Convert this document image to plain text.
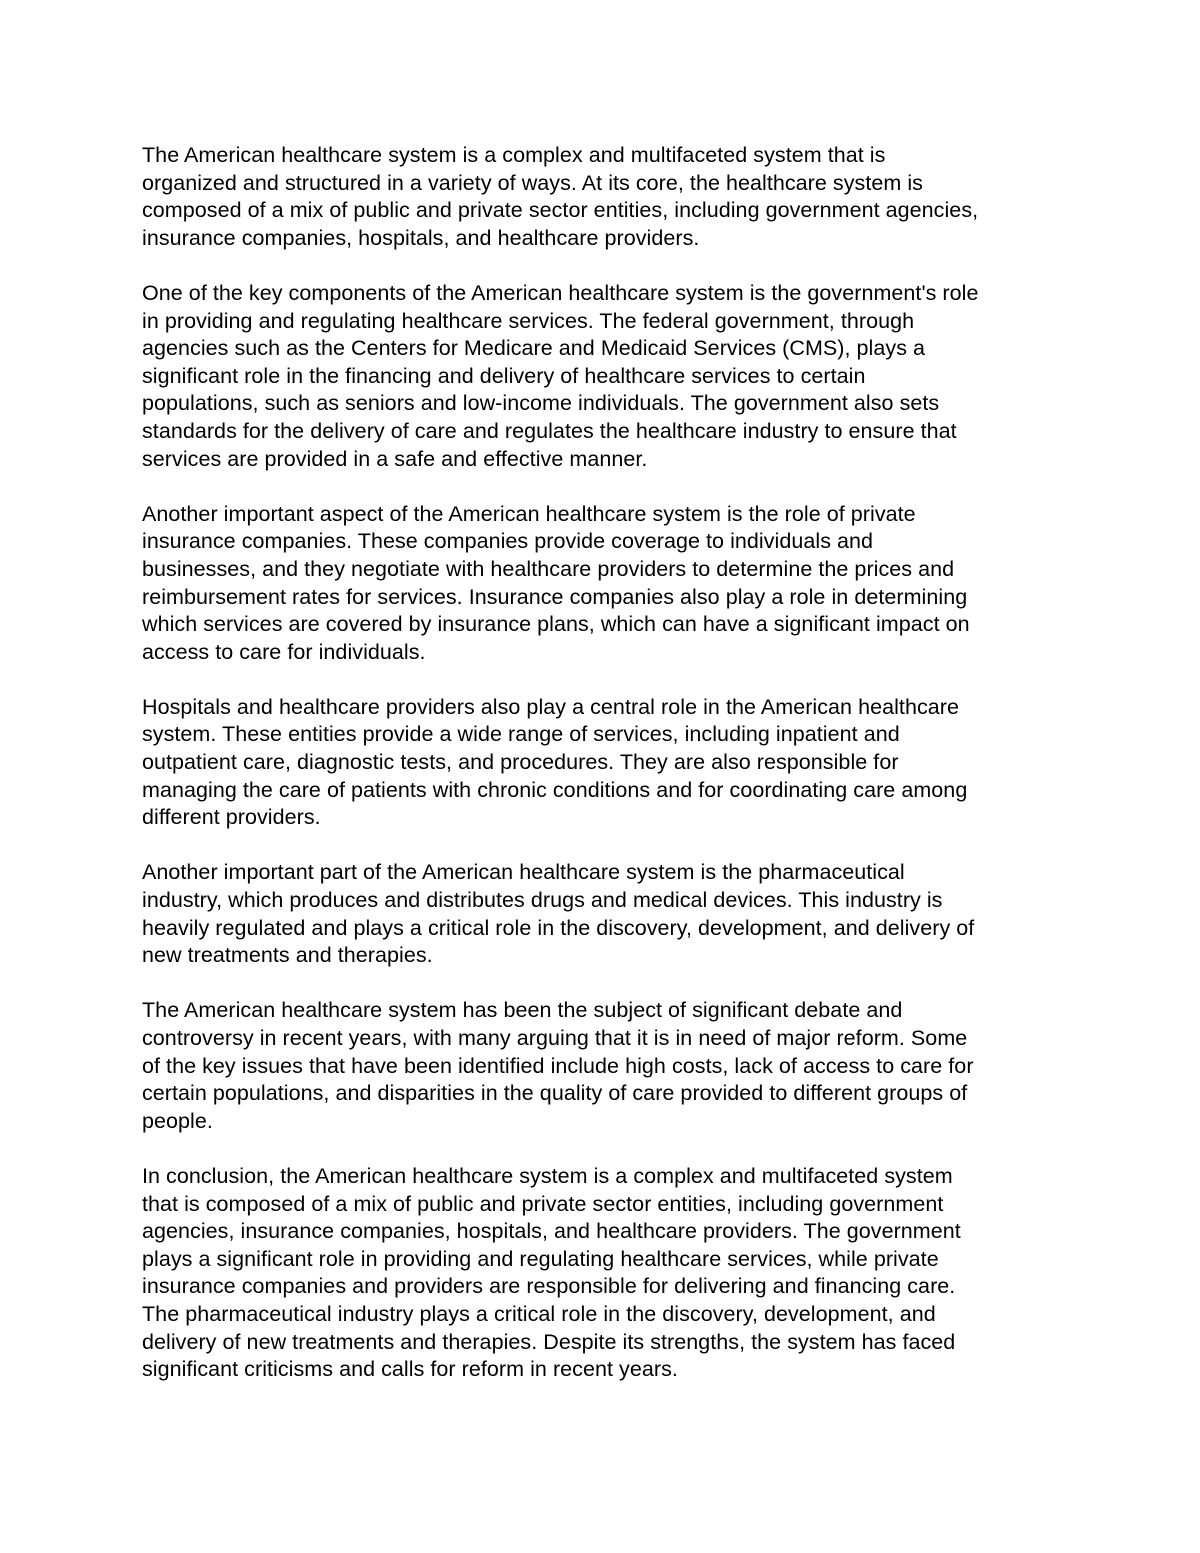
The American healthcare system is a complex and multifaceted system that is
organized and structured in a variety of ways. At its core, the healthcare system is
composed of a mix of public and private sector entities, including government agencies,
insurance companies, hospitals, and healthcare providers.
One of the key components of the American healthcare system is the government's role
in providing and regulating healthcare services. The federal government, through
agencies such as the Centers for Medicare and Medicaid Services (CMS), plays a
significant role in the financing and delivery of healthcare services to certain
populations, such as seniors and low-income individuals. The government also sets
standards for the delivery of care and regulates the healthcare industry to ensure that
services are provided in a safe and effective manner.
Another important aspect of the American healthcare system is the role of private
insurance companies. These companies provide coverage to individuals and
businesses, and they negotiate with healthcare providers to determine the prices and
reimbursement rates for services. Insurance companies also play a role in determining
which services are covered by insurance plans, which can have a significant impact on
access to care for individuals.
Hospitals and healthcare providers also play a central role in the American healthcare
system. These entities provide a wide range of services, including inpatient and
outpatient care, diagnostic tests, and procedures. They are also responsible for
managing the care of patients with chronic conditions and for coordinating care among
different providers.
Another important part of the American healthcare system is the pharmaceutical
industry, which produces and distributes drugs and medical devices. This industry is
heavily regulated and plays a critical role in the discovery, development, and delivery of
new treatments and therapies.
The American healthcare system has been the subject of significant debate and
controversy in recent years, with many arguing that it is in need of major reform. Some
of the key issues that have been identified include high costs, lack of access to care for
certain populations, and disparities in the quality of care provided to different groups of
people.
In conclusion, the American healthcare system is a complex and multifaceted system
that is composed of a mix of public and private sector entities, including government
agencies, insurance companies, hospitals, and healthcare providers. The government
plays a significant role in providing and regulating healthcare services, while private
insurance companies and providers are responsible for delivering and financing care.
The pharmaceutical industry plays a critical role in the discovery, development, and
delivery of new treatments and therapies. Despite its strengths, the system has faced
significant criticisms and calls for reform in recent years.
